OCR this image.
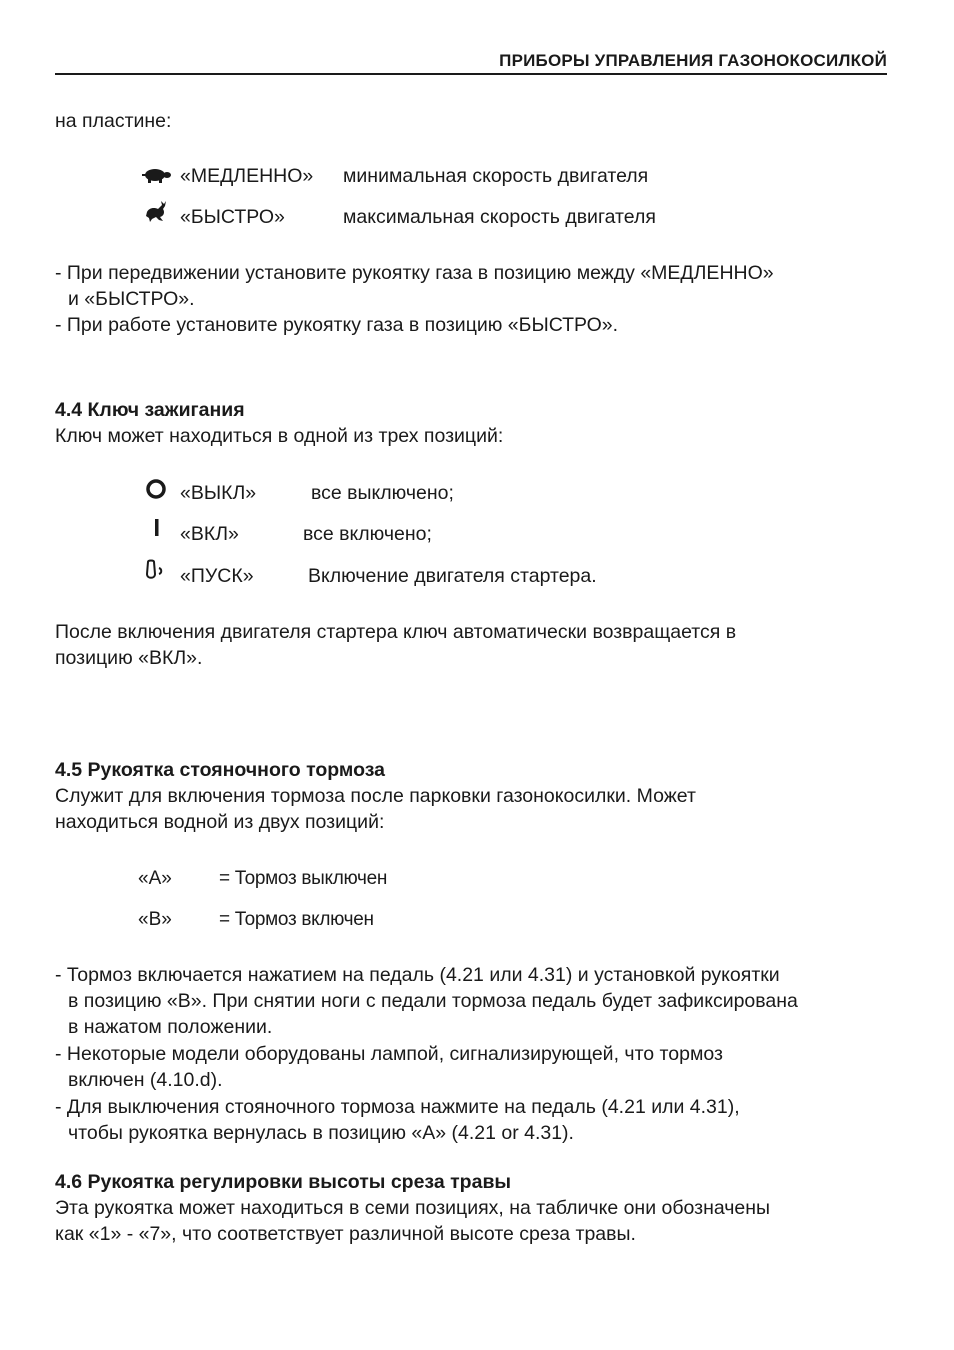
ПРИБОРЫ УПРАВЛЕНИЯ ГАЗОНОКОСИЛКОЙ
на пластине:
«МЕДЛЕННО» минимальная скорость двигателя
«БЫСТРО»	максимальная скорость двигателя
- При передвижении установите рукоятку газа в позицию между «МЕДЛЕННО»
и «БЫСТРО».
- При работе установите рукоятку газа в позицию «БЫСТРО».
4.4 Ключ зажигания
Ключ может находиться в одной из трех позиций:
«ВЫКЛ»	все выключено;
«ВКЛ»	все включено;
«ПУСК»	Включение двигателя стартера.
После включения двигателя стартера ключ автоматически возвращается в
позицию «ВКЛ».
4.5 Рукоятка стояночного тормоза
Служит для включения тормоза после парковки газонокосилки. Может
находиться водной из двух позиций:
«А» = Тормоз выключен
«В» = Тормоз включен
- Тормоз включается нажатием на педаль (4.21 или 4.31) и установкой рукоятки
в позицию «В». При снятии ноги с педали тормоза педаль будет зафиксирована
в нажатом положении.
- Некоторые модели оборудованы лампой, сигнализирующей, что тормоз
включен (4.10.d).
- Для выключения стояночного тормоза нажмите на педаль (4.21 или 4.31),
чтобы рукоятка вернулась в позицию «А» (4.21 or 4.31).
4.6 Рукоятка регулировки высоты среза травы
Эта рукоятка может находиться в семи позициях, на табличке они обозначены
как «1» - «7», что соответствует различной высоте среза травы.
